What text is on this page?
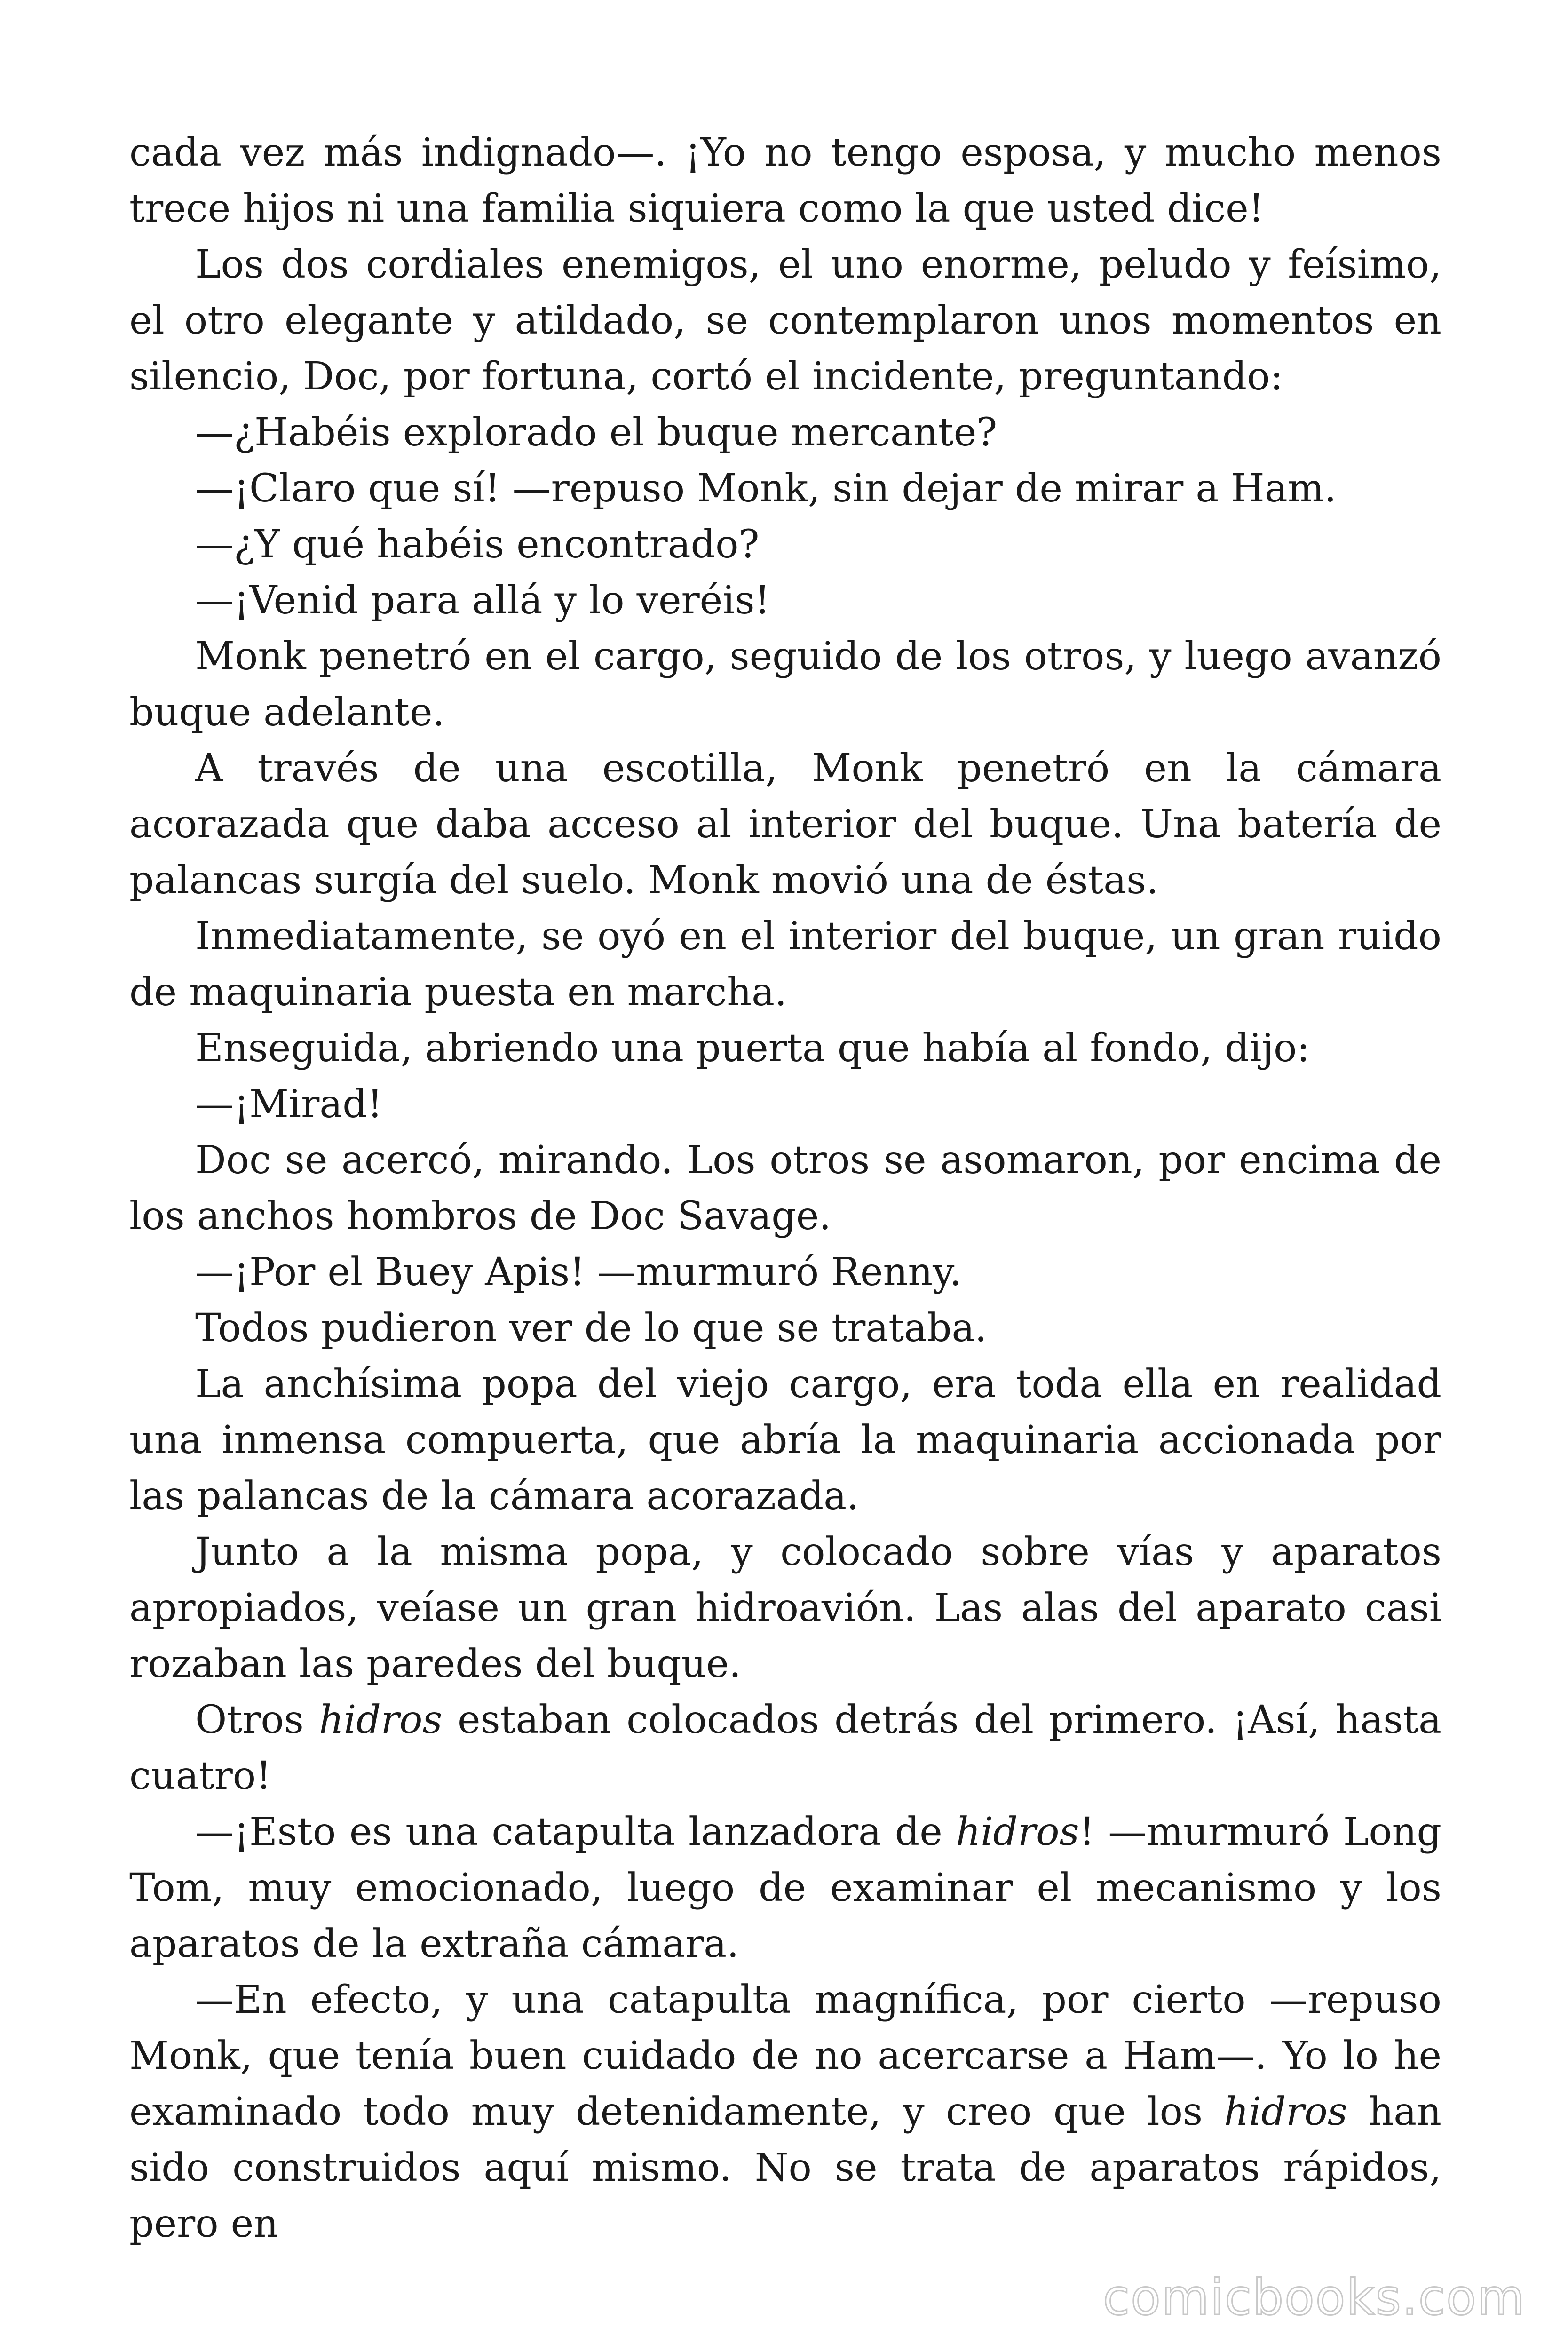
cada vez más indignado—. ¡Yo no tengo esposa, y mucho menos trece hijos ni una familia siquiera como la que usted dice!

Los dos cordiales enemigos, el uno enorme, peludo y feísimo, el otro elegante y atildado, se contemplaron unos momentos en silencio, Doc, por fortuna, cortó el incidente, preguntando:

—¿Habéis explorado el buque mercante?

—¡Claro que sí! —repuso Monk, sin dejar de mirar a Ham.

—¿Y qué habéis encontrado?

—¡Venid para allá y lo veréis!

Monk penetró en el cargo, seguido de los otros, y luego avanzó buque adelante.

A través de una escotilla, Monk penetró en la cámara acorazada que daba acceso al interior del buque. Una batería de palancas surgía del suelo. Monk movió una de éstas.

Inmediatamente, se oyó en el interior del buque, un gran ruido de maquinaria puesta en marcha.

Enseguida, abriendo una puerta que había al fondo, dijo:

—¡Mirad!

Doc se acercó, mirando. Los otros se asomaron, por encima de los anchos hombros de Doc Savage.

—¡Por el Buey Apis! —murmuró Renny.

Todos pudieron ver de lo que se trataba.

La anchísima popa del viejo cargo, era toda ella en realidad una inmensa compuerta, que abría la maquinaria accionada por las palancas de la cámara acorazada.

Junto a la misma popa, y colocado sobre vías y aparatos apropiados, veíase un gran hidroavión. Las alas del aparato casi rozaban las paredes del buque.

Otros hidros estaban colocados detrás del primero. ¡Así, hasta cuatro!

—¡Esto es una catapulta lanzadora de hidros! —murmuró Long Tom, muy emocionado, luego de examinar el mecanismo y los aparatos de la extraña cámara.

—En efecto, y una catapulta magnífica, por cierto —repuso Monk, que tenía buen cuidado de no acercarse a Ham—. Yo lo he examinado todo muy detenidamente, y creo que los hidros han sido construidos aquí mismo. No se trata de aparatos rápidos, pero en

comicbooks.com
